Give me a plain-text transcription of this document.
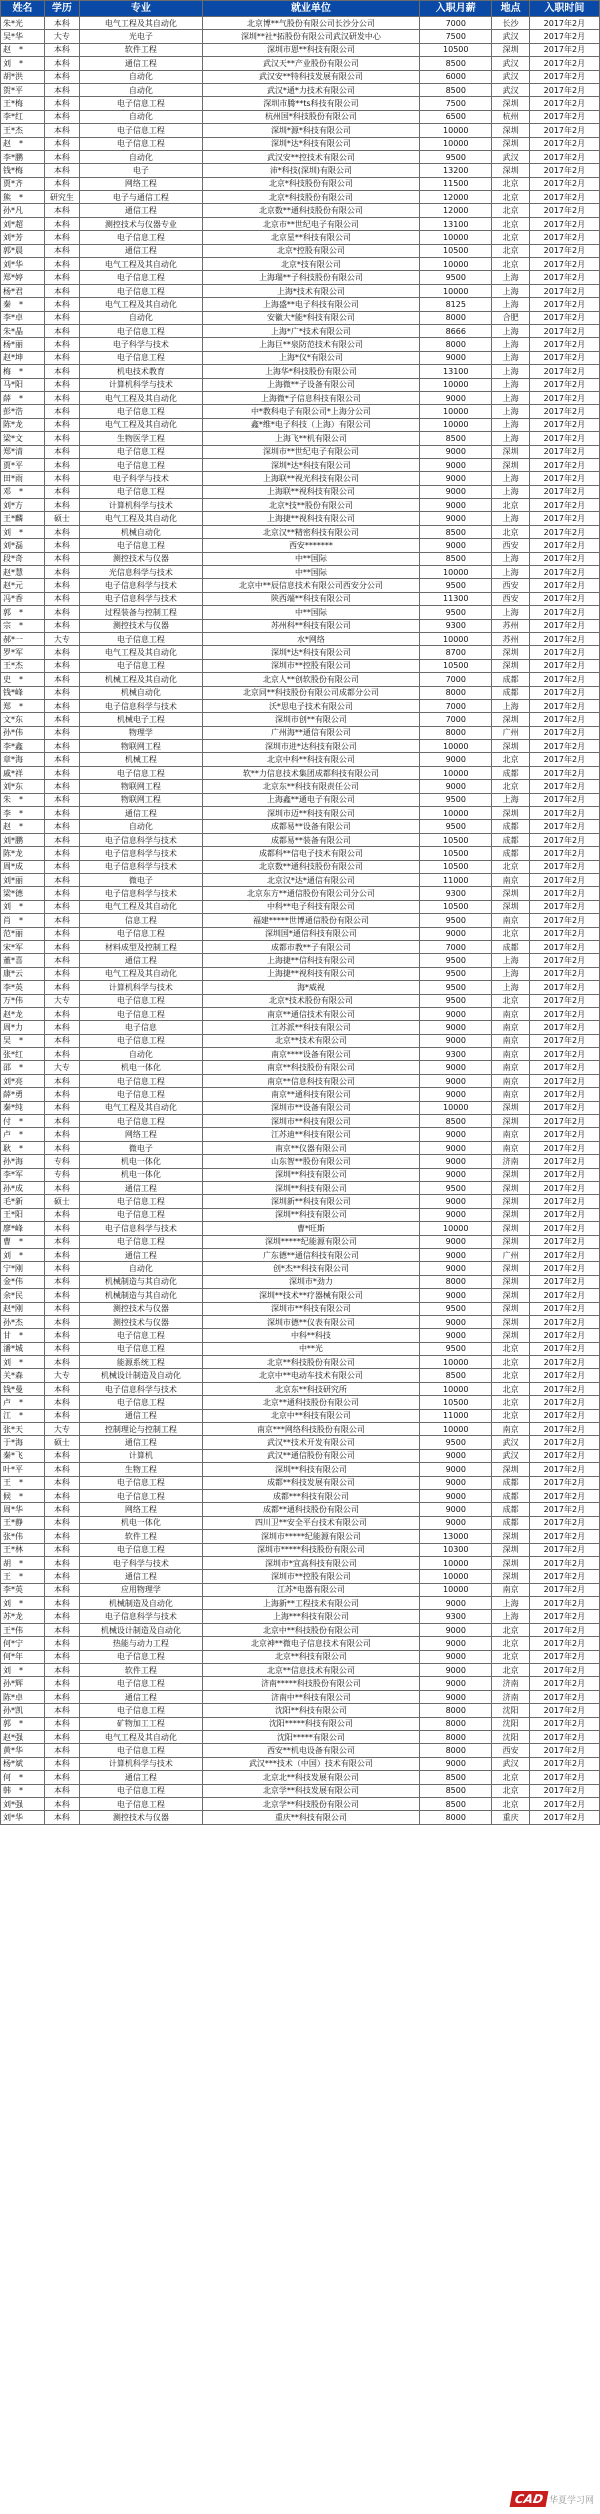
姓名	学历	专业	就业单位	入职月薪	地点	入职时间
朱*光	本科	电气工程及其自动化	北京博**气股份有限公司长沙分公司	7000	长沙	2017年2月
吴*华	大专	光电子	深圳**社*拓股份有限公司武汉研发中心	7500	武汉	2017年2月
赵　*	本科	软件工程	深圳市恩**科技有限公司	10500	深圳	2017年2月
刘　*	本科	通信工程	武汉天**产业股份有限公司	8500	武汉	2017年2月
胡*洪	本科	自动化	武汉安**特科技发展有限公司	6000	武汉	2017年2月
贺*平	本科	自动化	武汉*通*力技术有限公司	8500	武汉	2017年2月
王*梅	本科	电子信息工程	深圳市腾**ts科技有限公司	7500	深圳	2017年2月
李*红	本科	自动化	杭州国*科技股份有限公司	6500	杭州	2017年2月
王*杰	本科	电子信息工程	深圳*源*科技有限公司	10000	深圳	2017年2月
赵　*	本科	电子信息工程	深圳*达*科技有限公司	10000	深圳	2017年2月
李*鹏	本科	自动化	武汉安**控技术有限公司	9500	武汉	2017年2月
钱*梅	本科	电子	沛*科技(深圳)有限公司	13200	深圳	2017年2月
贾*齐	本科	网络工程	北京*科技股份有限公司	11500	北京	2017年2月
熊　*	研究生	电子与通信工程	北京*科技股份有限公司	12000	北京	2017年2月
孙*凡	本科	通信工程	北京数**通科技股份有限公司	12000	北京	2017年2月
刘*超	本科	测控技术与仪器专业	北京市**世纪电子有限公司	13100	北京	2017年2月
刘*芳	本科	电子信息工程	北京星**科技有限公司	10000	北京	2017年2月
郭*晨	本科	通信工程	北京*控股有限公司	10500	北京	2017年2月
刘*华	本科	电气工程及其自动化	北京*技有限公司	10000	北京	2017年2月
郑*婷	本科	电子信息工程	上海瑞**子科技股份有限公司	9500	上海	2017年2月
杨*君	本科	电子信息工程	上海*技术有限公司	10000	上海	2017年2月
秦　*	本科	电气工程及其自动化	上海盛**电子科技有限公司	8125	上海	2017年2月
李*卓	本科	自动化	安徽大*能*科技有限公司	8000	合肥	2017年2月
朱*晶	本科	电子信息工程	上海*广*技术有限公司	8666	上海	2017年2月
杨*丽	本科	电子科学与技术	上海巨**泉防范技术有限公司	8000	上海	2017年2月
赵*坤	本科	电子信息工程	上海*仪*有限公司	9000	上海	2017年2月
梅　*	本科	机电技术教育	上海华*科技股份有限公司	13100	上海	2017年2月
马*阳	本科	计算机科学与技术	上海微**子设备有限公司	10000	上海	2017年2月
薛　*	本科	电气工程及其自动化	上海微*子信息科技有限公司	9000	上海	2017年2月
彭*浩	本科	电子信息工程	中*教科电子有限公司*上海分公司	10000	上海	2017年2月
陈*龙	本科	电气工程及其自动化	鑫*维*电子科技（上海）有限公司	10000	上海	2017年2月
梁*文	本科	生物医学工程	上海飞**机有限公司	8500	上海	2017年2月
郑*清	本科	电子信息工程	深圳市**世纪电子有限公司	9000	深圳	2017年2月
贾*平	本科	电子信息工程	深圳*达*科技有限公司	9000	深圳	2017年2月
田*雨	本科	电子科学与技术	上海联**视光科技有限公司	9000	上海	2017年2月
邓　*	本科	电子信息工程	上海联**视科技有限公司	9000	上海	2017年2月
刘*方	本科	计算机科学与技术	北京*技**股份有限公司	9000	北京	2017年2月
王*麟	硕士	电气工程及其自动化	上海捷**视科技有限公司	9000	上海	2017年2月
刘　*	本科	机械自动化	北京汉**精密科技有限公司	8500	北京	2017年2月
刘*磊	本科	电子信息工程	西安*******	9000	西安	2017年2月
段*奇	本科	测控技术与仪器	中**国际	8500	上海	2017年2月
赵*慧	本科	光信息科学与技术	中**国际	10000	上海	2017年2月
赵*元	本科	电子信息科学与技术	北京中**辰信息技术有限公司西安分公司	9500	西安	2017年2月
冯*香	本科	电子信息科学与技术	陕西端**科技有限公司	11300	西安	2017年2月
郭　*	本科	过程装备与控制工程	中**国际	9500	上海	2017年2月
宗　*	本科	测控技术与仪器	苏州科**科技有限公司	9300	苏州	2017年2月
郝*一	大专	电子信息工程	水*网络	10000	苏州	2017年2月
罗*军	本科	电气工程及其自动化	深圳*达*科技有限公司	8700	深圳	2017年2月
王*杰	本科	电子信息工程	深圳市**控股有限公司	10500	深圳	2017年2月
史　*	本科	机械工程及其自动化	北京人**创软股份有限公司	7000	成都	2017年2月
钱*峰	本科	机械自动化	北京同**科技股份有限公司成都分公司	8000	成都	2017年2月
郑　*	本科	电子信息科学与技术	沃*思电子技术有限公司	7000	上海	2017年2月
文*东	本科	机械电子工程	深圳市创**有限公司	7000	深圳	2017年2月
孙*伟	本科	物理学	广州海**通信有限公司	8000	广州	2017年2月
李*鑫	本科	物联网工程	深圳市进*达科技有限公司	10000	深圳	2017年2月
章*海	本科	机械工程	北京中科**科技有限公司	9000	北京	2017年2月
戚*祥	本科	电子信息工程	软**力信息技术集团成都科技有限公司	10000	成都	2017年2月
刘*东	本科	物联网工程	北京东**科技有限责任公司	9000	北京	2017年2月
朱　*	本科	物联网工程	上海鑫**通电子有限公司	9500	上海	2017年2月
李　*	本科	通信工程	深圳市迈**科技有限公司	10000	深圳	2017年2月
赵　*	本科	自动化	成都易**设备有限公司	9500	成都	2017年2月
刘*鹏	本科	电子信息科学与技术	成都易**装备有限公司	10500	成都	2017年2月
陈*龙	本科	电子信息科学与技术	成都科**信电子技术有限公司	10500	成都	2017年2月
周*成	本科	电子信息科学与技术	北京数**通科技股份有限公司	10500	北京	2017年2月
刘*丽	本科	微电子	北京汉*达*通信有限公司	11000	南京	2017年2月
梁*德	本科	电子信息科学与技术	北京东方**通信股份有限公司分公司	9300	深圳	2017年2月
刘　*	本科	电气工程及其自动化	中科**电子科技有限公司	10500	深圳	2017年2月
肖　*	本科	信息工程	福建*****世博通信股份有限公司	9500	南京	2017年2月
范*丽	本科	电子信息工程	深圳国*通信科技有限公司	9000	北京	2017年2月
宋*军	本科	材料成型及控制工程	成都市教**子有限公司	7000	成都	2017年2月
董*喜	本科	通信工程	上海捷**信科技有限公司	9500	上海	2017年2月
康*云	本科	电气工程及其自动化	上海捷**视科技有限公司	9500	上海	2017年2月
李*英	本科	计算机科学与技术	海*威视	9500	上海	2017年2月
万*伟	大专	电子信息工程	北京*技术股份有限公司	9500	北京	2017年2月
赵*龙	本科	电子信息工程	南京**通信技术有限公司	9000	南京	2017年2月
周*力	本科	电子信息	江苏派**科技有限公司	9000	南京	2017年2月
吴　*	本科	电子信息工程	北京**技术有限公司	9000	南京	2017年2月
张*红	本科	自动化	南京****设备有限公司	9300	南京	2017年2月
邵　*	大专	机电一体化	南京**科技股份有限公司	9000	南京	2017年2月
刘*亮	本科	电子信息工程	南京**信息科技有限公司	9000	南京	2017年2月
薛*勇	本科	电子信息工程	南京**通科技有限公司	9000	南京	2017年2月
秦*纯	本科	电气工程及其自动化	深圳市**设备有限公司	10000	深圳	2017年2月
付　*	本科	电子信息工程	深圳市**科技有限公司	8500	深圳	2017年2月
卢　*	本科	网络工程	江苏迪**科技有限公司	9000	南京	2017年2月
耿　*	本科	微电子	南京**仪器有限公司	9000	南京	2017年2月
孙*海	专科	机电一体化	山东智**股份有限公司	9000	济南	2017年2月
李*军	专科	机电一体化	深圳**科技有限公司	9000	深圳	2017年2月
孙*成	本科	通信工程	深圳**科技有限公司	9500	深圳	2017年2月
毛*新	硕士	电子信息工程	深圳新**科技有限公司	9000	深圳	2017年2月
王*阳	本科	电子信息工程	深圳**科技有限公司	9000	深圳	2017年2月
廖*峰	本科	电子信息科学与技术	曹*旺斯	10000	深圳	2017年2月
曹　*	本科	电子信息工程	深圳*****纪能源有限公司	9000	深圳	2017年2月
刘　*	本科	通信工程	广东德**通信科技有限公司	9000	广州	2017年2月
宁*刚	本科	自动化	创*杰**科技有限公司	9000	深圳	2017年2月
金*伟	本科	机械制造与其自动化	深圳市*劲力	8000	深圳	2017年2月
余*民	本科	机械制造与其自动化	深圳**技术**疗器械有限公司	9000	深圳	2017年2月
赵*刚	本科	测控技术与仪器	深圳市**科技有限公司	9500	深圳	2017年2月
孙*杰	本科	测控技术与仪器	深圳市德**仪表有限公司	9000	深圳	2017年2月
甘　*	本科	电子信息工程	中科**科技	9000	深圳	2017年2月
潘*城	本科	电子信息工程	中**光	9500	北京	2017年2月
刘　*	本科	能源系统工程	北京**科技股份有限公司	10000	北京	2017年2月
关*森	大专	机械设计制造及自动化	北京中**电动车技术有限公司	8500	北京	2017年2月
钱*曼	本科	电子信息科学与技术	北京东**科技研究所	10000	北京	2017年2月
卢　*	本科	电子信息工程	北京**通科技股份有限公司	10500	北京	2017年2月
江　*	本科	通信工程	北京中**科技有限公司	11000	北京	2017年2月
张*天	大专	控制理论与控制工程	南京***网络科技股份有限公司	10000	南京	2017年2月
于*海	硕士	通信工程	武汉**技术开发有限公司	9500	武汉	2017年2月
秦*飞	本科	计算机	武汉**通信股份有限公司	9000	武汉	2017年2月
叶*平	本科	生物工程	深圳**科技有限公司	9000	深圳	2017年2月
王　*	本科	电子信息工程	成都**科技发展有限公司	9000	成都	2017年2月
候　*	本科	电子信息工程	成都***科技有限公司	9000	成都	2017年2月
周*华	本科	网络工程	成都**通科技股份有限公司	9000	成都	2017年2月
王*静	本科	机电一体化	四川卫**安全平台技术有限公司	9000	成都	2017年2月
张*伟	本科	软件工程	深圳市*****纪能源有限公司	13000	深圳	2017年2月
王*林	本科	电子信息工程	深圳市*****科技股份有限公司	10300	深圳	2017年2月
胡　*	本科	电子科学与技术	深圳市*宜高科技有限公司	10000	深圳	2017年2月
王　*	本科	通信工程	深圳市**控股有限公司	10000	深圳	2017年2月
李*英	本科	应用物理学	江苏*电器有限公司	10000	南京	2017年2月
刘　*	本科	机械制造及自动化	上海新**工程技术有限公司	9000	上海	2017年2月
苏*龙	本科	电子信息科学与技术	上海***科技有限公司	9300	上海	2017年2月
王*伟	本科	机械设计制造及自动化	北京中**科技股份有限公司	9000	北京	2017年2月
何*宁	本科	热能与动力工程	北京神**微电子信息技术有限公司	9000	北京	2017年2月
何*年	本科	电子信息工程	北京**科技有限公司	9000	北京	2017年2月
刘　*	本科	软件工程	北京**信息技术有限公司	9000	北京	2017年2月
孙*辉	本科	电子信息工程	济南*****科技股份有限公司	9000	济南	2017年2月
陈*卓	本科	通信工程	济南中**科技有限公司	9000	济南	2017年2月
孙*凯	本科	电子信息工程	沈阳**科技有限公司	8000	沈阳	2017年2月
郭　*	本科	矿物加工工程	沈阳*****科技有限公司	8000	沈阳	2017年2月
赵*强	本科	电气工程及其自动化	沈阳*****有限公司	8000	沈阳	2017年2月
黄*华	本科	电子信息工程	西安**机电设备有限公司	8000	西安	2017年2月
杨*斌	本科	计算机科学与技术	武汉***技术（中国）技术有限公司	9000	武汉	2017年2月
何　*	本科	通信工程	北京北**科技发展有限公司	8500	北京	2017年2月
韩　*	本科	电子信息工程	北京学**科技发展有限公司	8500	北京	2017年2月
刘*强	本科	电子信息工程	北京学**科技股份有限公司	8500	北京	2017年2月
刘*华	本科	测控技术与仪器	重庆**科技有限公司	8000	重庆	2017年2月
CAD 华夏学习网
